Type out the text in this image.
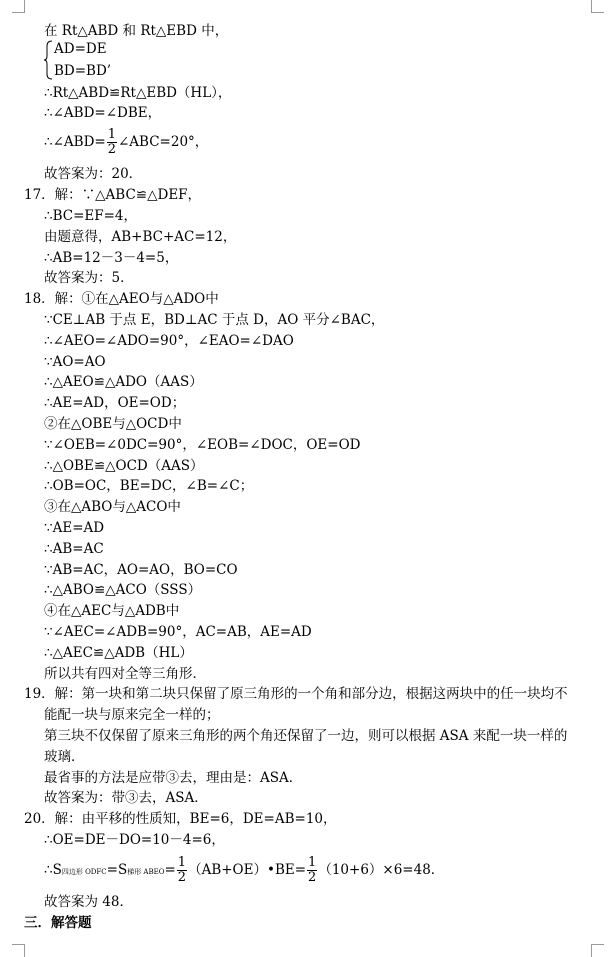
在 Rt△ABD 和 Rt△EBD 中，
AD=DE
BD=BD’
∴Rt△ABD≌Rt△EBD（HL），
∴∠ABD=∠DBE，
∴∠ABD= $\frac{1}{2}$ ∠ABC=20°，
故答案为：20．
17．解：∵△ABC≌△DEF，
∴BC=EF=4，
由题意得，AB+BC+AC=12，
∴AB=12－3－4=5，
故答案为：5．
18．解：①在△AEO与△ADO中
∵CE⊥AB 于点 E，BD⊥AC 于点 D，AO 平分∠BAC，
∴∠AEO=∠ADO=90°，∠EAO=∠DAO
∵AO=AO
∴△AEO≌△ADO（AAS）
∴AE=AD，OE=OD；
②在△OBE与△OCD中
∵∠OEB=∠0DC=90°，∠EOB=∠DOC，OE=OD
∴△OBE≌△OCD（AAS）
∴OB=OC，BE=DC，∠B=∠C；
③在△ABO与△ACO中
∵AE=AD
∴AB=AC
∵AB=AC，AO=AO，BO=CO
∴△ABO≌△ACO（SSS）
④在△AEC与△ADB中
∵∠AEC=∠ADB=90°，AC=AB，AE=AD
∴△AEC≌△ADB（HL）
所以共有四对全等三角形．
19．解：第一块和第二块只保留了原三角形的一个角和部分边，根据这两块中的任一块均不
能配一块与原来完全一样的；
第三块不仅保留了原来三角形的两个角还保留了一边，则可以根据 ASA 来配一块一样的
玻璃．
最省事的方法是应带③去，理由是：ASA．
故答案为：带③去，ASA．
20．解：由平移的性质知，BE=6，DE=AB=10，
∴OE=DE－DO=10－4=6，
∴S四边形 ODFC=S梯形 ABEO= $\frac{1}{2}$ （AB+OE）•BE= $\frac{1}{2} (10+6)\times 6=48$．
故答案为 48．
三．解答题
